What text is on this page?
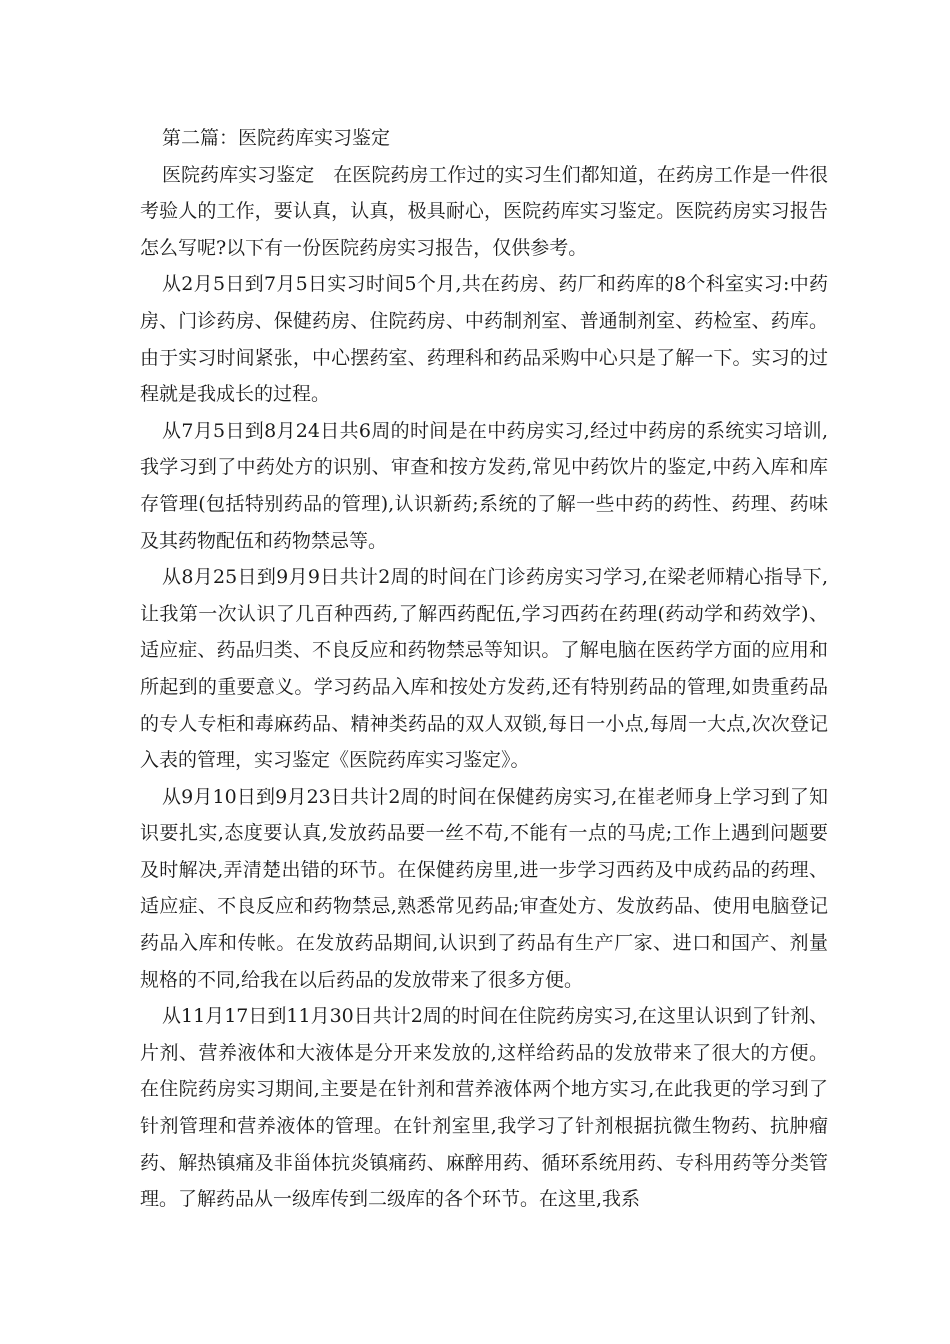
第二篇：医院药库实习鉴定

医院药库实习鉴定　在医院药房工作过的实习生们都知道，在药房工作是一件很考验人的工作，要认真，认真，极具耐心，医院药库实习鉴定。医院药房实习报告怎么写呢?以下有一份医院药房实习报告，仅供参考。

从2月5日到7月5日实习时间5个月,共在药房、药厂和药库的8个科室实习:中药房、门诊药房、保健药房、住院药房、中药制剂室、普通制剂室、药检室、药库。由于实习时间紧张，中心摆药室、药理科和药品采购中心只是了解一下。实习的过程就是我成长的过程。

从7月5日到8月24日共6周的时间是在中药房实习,经过中药房的系统实习培训,我学习到了中药处方的识别、审查和按方发药,常见中药饮片的鉴定,中药入库和库存管理(包括特别药品的管理),认识新药;系统的了解一些中药的药性、药理、药味及其药物配伍和药物禁忌等。

从8月25日到9月9日共计2周的时间在门诊药房实习学习,在梁老师精心指导下,让我第一次认识了几百种西药,了解西药配伍,学习西药在药理(药动学和药效学)、适应症、药品归类、不良反应和药物禁忌等知识。了解电脑在医药学方面的应用和所起到的重要意义。学习药品入库和按处方发药,还有特别药品的管理,如贵重药品的专人专柜和毒麻药品、精神类药品的双人双锁,每日一小点,每周一大点,次次登记入表的管理，实习鉴定《医院药库实习鉴定》。

从9月10日到9月23日共计2周的时间在保健药房实习,在崔老师身上学习到了知识要扎实,态度要认真,发放药品要一丝不苟,不能有一点的马虎;工作上遇到问题要及时解决,弄清楚出错的环节。在保健药房里,进一步学习西药及中成药品的药理、适应症、不良反应和药物禁忌,熟悉常见药品;审查处方、发放药品、使用电脑登记药品入库和传帐。在发放药品期间,认识到了药品有生产厂家、进口和国产、剂量规格的不同,给我在以后药品的发放带来了很多方便。

从11月17日到11月30日共计2周的时间在住院药房实习,在这里认识到了针剂、片剂、营养液体和大液体是分开来发放的,这样给药品的发放带来了很大的方便。在住院药房实习期间,主要是在针剂和营养液体两个地方实习,在此我更的学习到了针剂管理和营养液体的管理。在针剂室里,我学习了针剂根据抗微生物药、抗肿瘤药、解热镇痛及非甾体抗炎镇痛药、麻醉用药、循环系统用药、专科用药等分类管理。了解药品从一级库传到二级库的各个环节。在这里,我系
